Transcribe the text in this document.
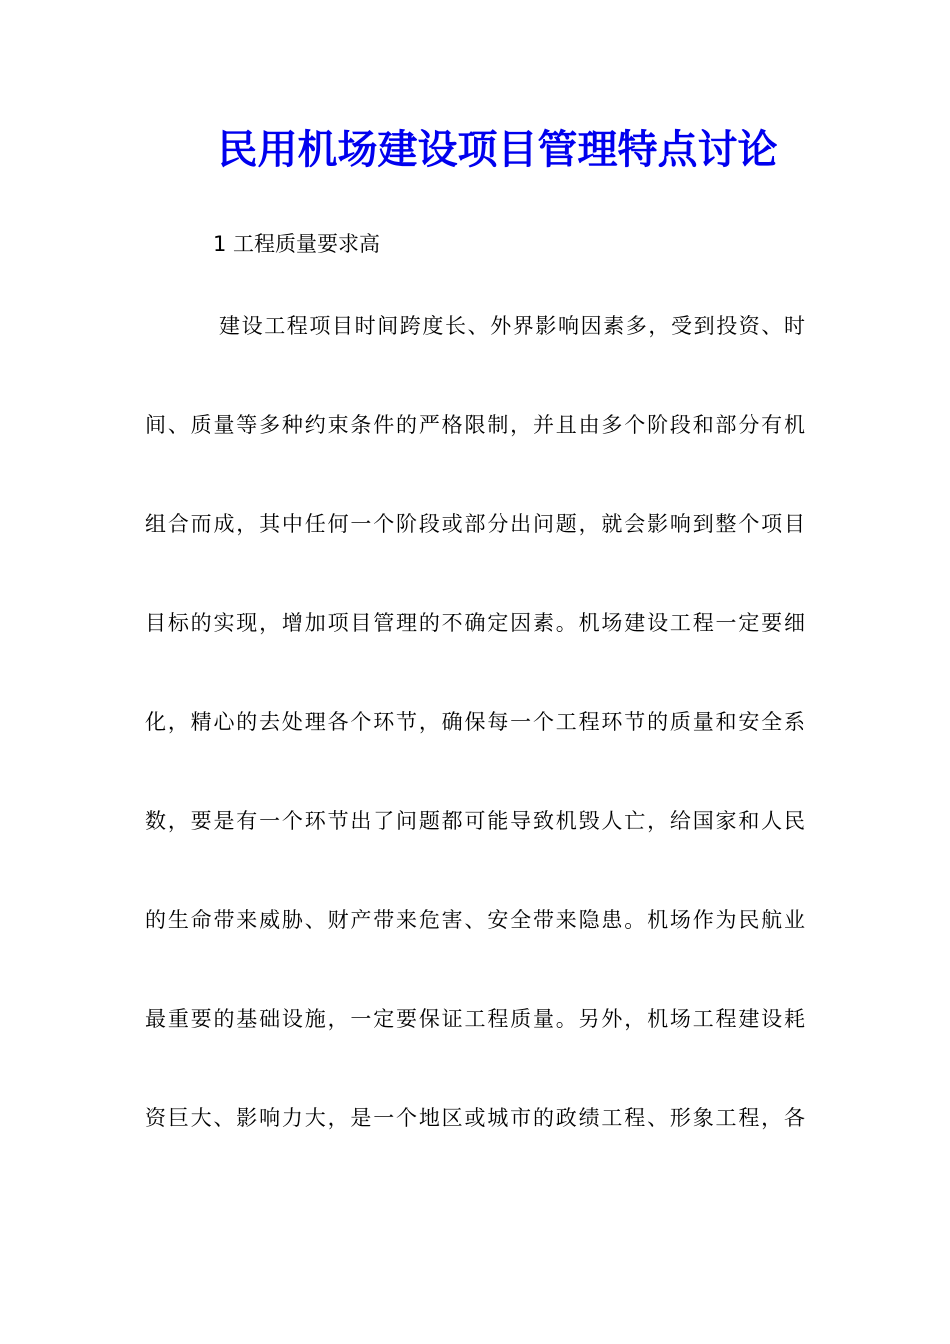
民用机场建设项目管理特点讨论

1 工程质量要求高

建设工程项目时间跨度长、外界影响因素多，受到投资、时

间、质量等多种约束条件的严格限制，并且由多个阶段和部分有机

组合而成，其中任何一个阶段或部分出问题，就会影响到整个项目

目标的实现，增加项目管理的不确定因素。机场建设工程一定要细

化，精心的去处理各个环节，确保每一个工程环节的质量和安全系

数，要是有一个环节出了问题都可能导致机毁人亡，给国家和人民

的生命带来威胁、财产带来危害、安全带来隐患。机场作为民航业

最重要的基础设施，一定要保证工程质量。另外，机场工程建设耗

资巨大、影响力大，是一个地区或城市的政绩工程、形象工程，各
